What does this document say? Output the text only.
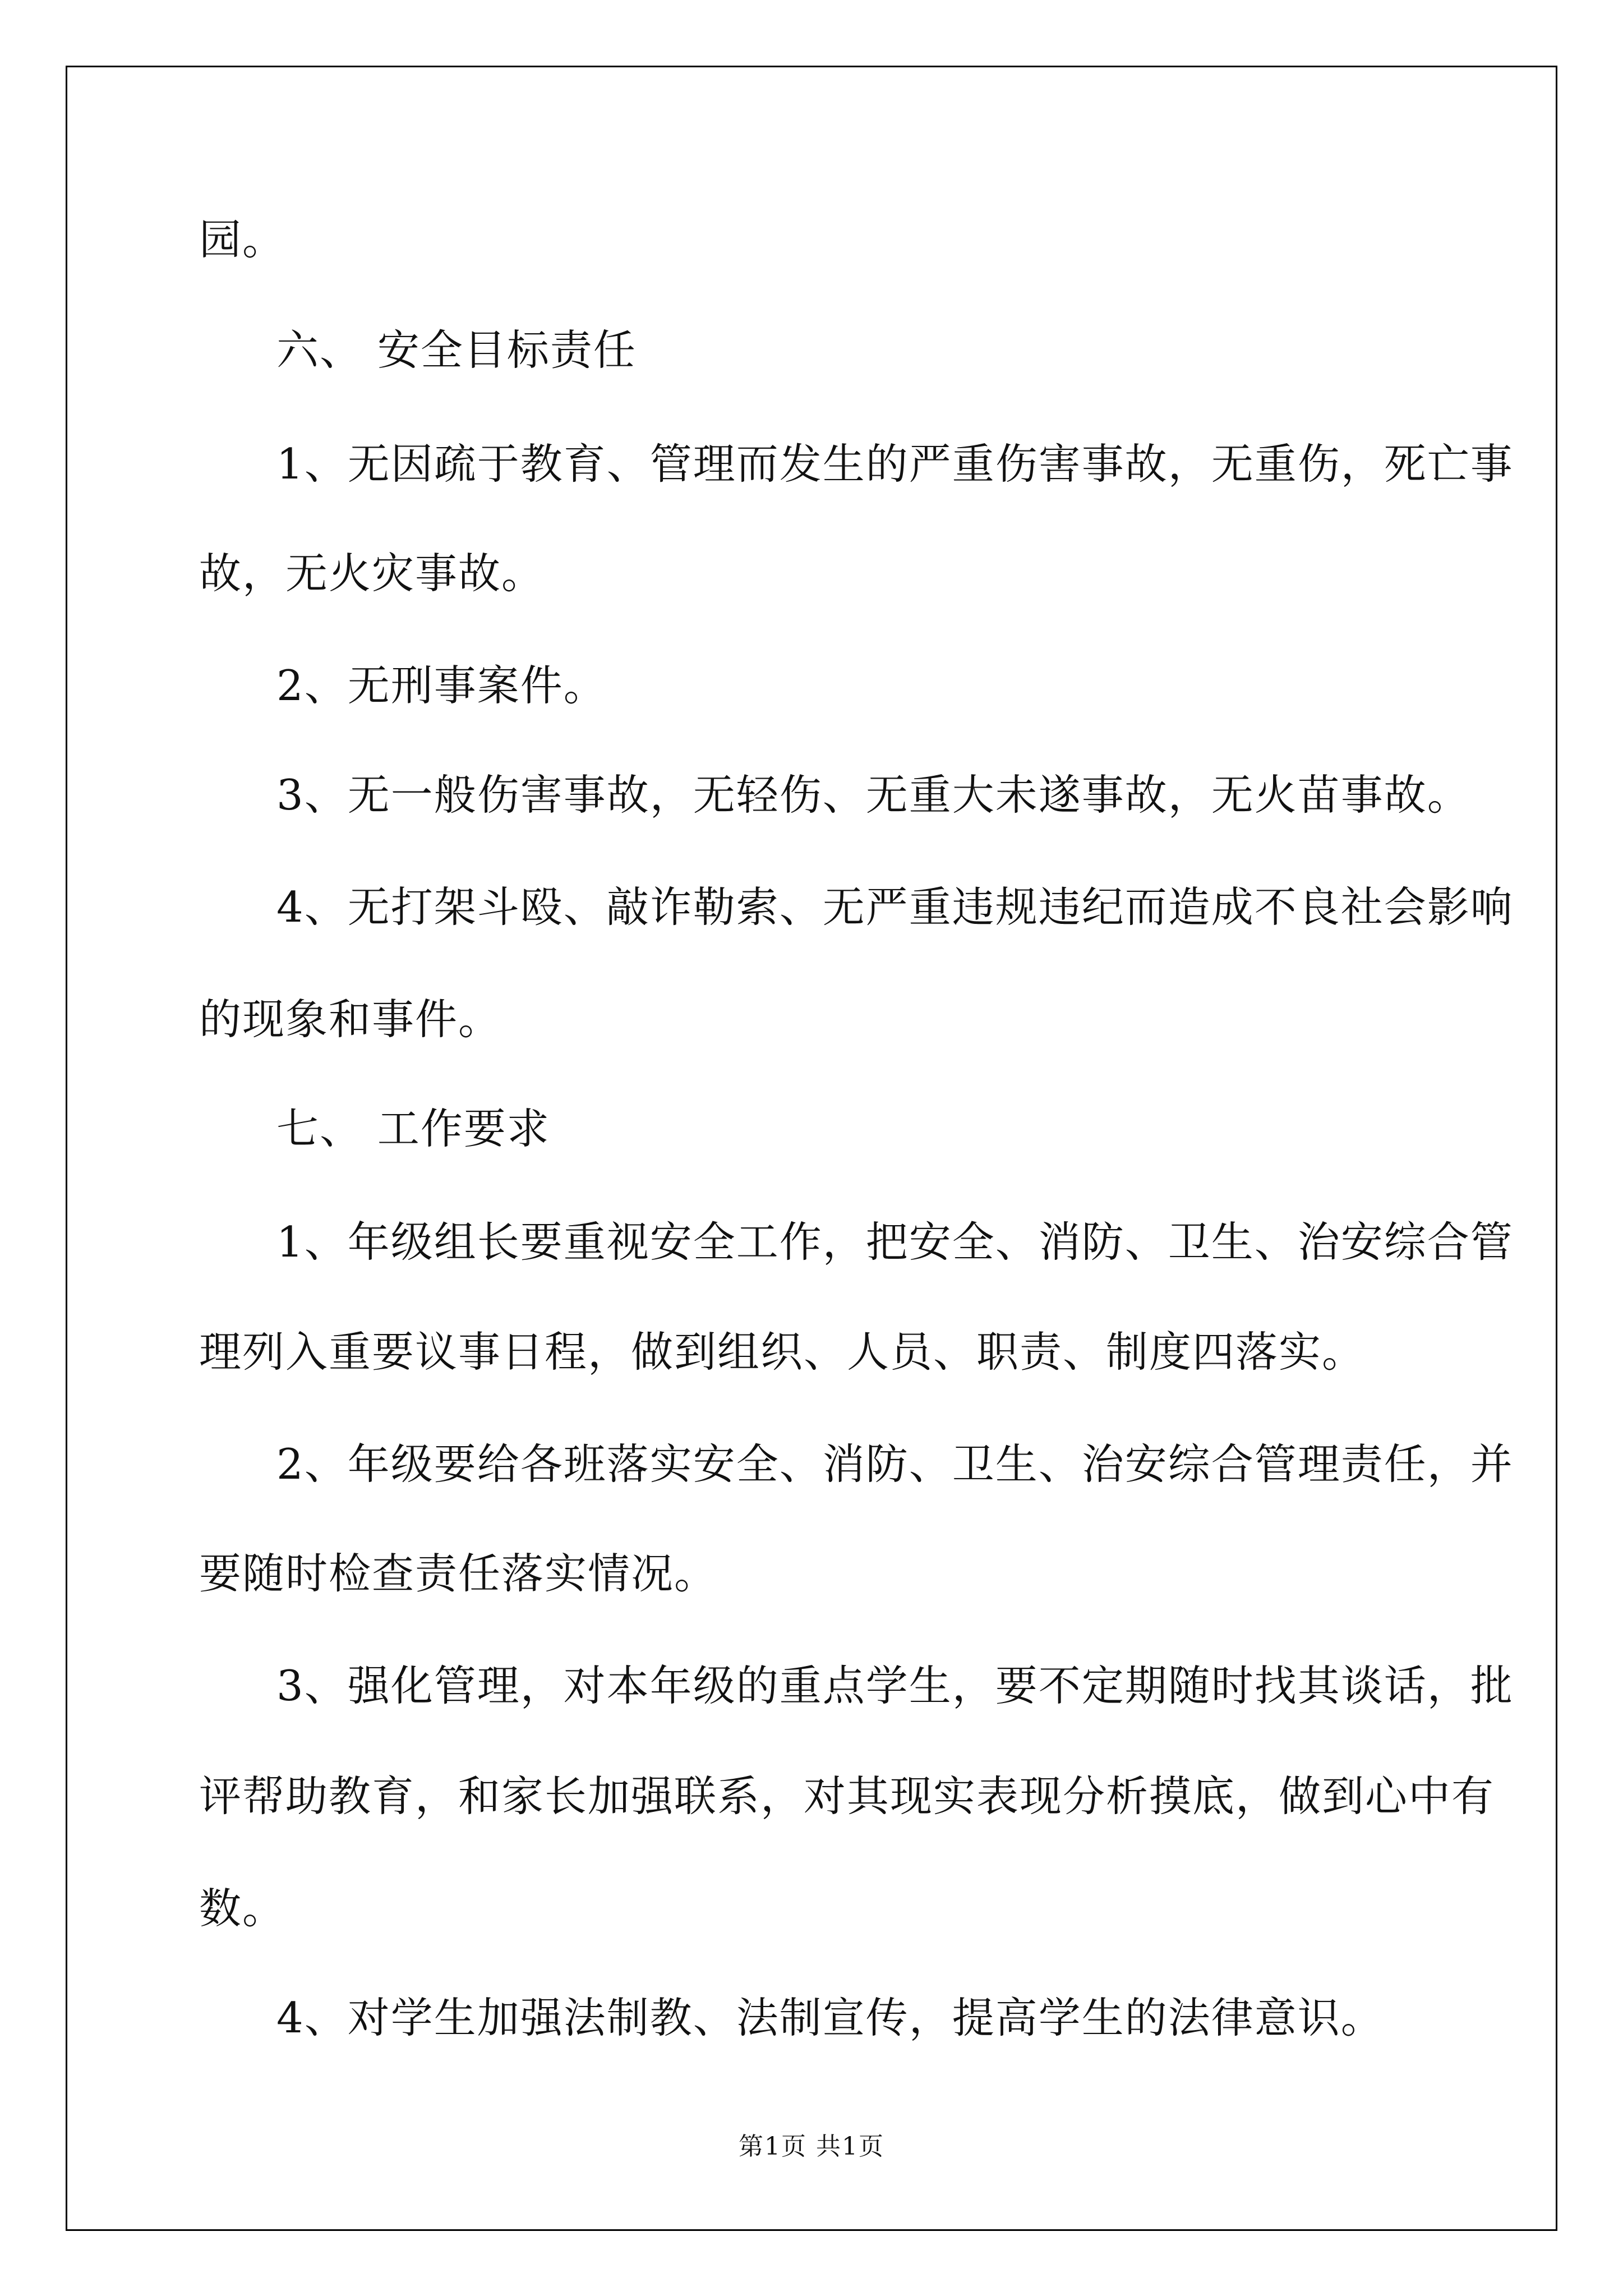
园。

六、 安全目标责任

1、无因疏于教育、管理而发生的严重伤害事故，无重伤，死亡事

故，无火灾事故。

2、无刑事案件。

3、无一般伤害事故，无轻伤、无重大未遂事故，无火苗事故。

4、无打架斗殴、敲诈勒索、无严重违规违纪而造成不良社会影响

的现象和事件。

七、 工作要求

1、年级组长要重视安全工作，把安全、消防、卫生、治安综合管

理列入重要议事日程，做到组织、人员、职责、制度四落实。

2、年级要给各班落实安全、消防、卫生、治安综合管理责任，并

要随时检查责任落实情况。

3、强化管理，对本年级的重点学生，要不定期随时找其谈话，批

评帮助教育，和家长加强联系，对其现实表现分析摸底，做到心中有

数。

4、对学生加强法制教、法制宣传，提高学生的法律意识。

第1页 共1页
